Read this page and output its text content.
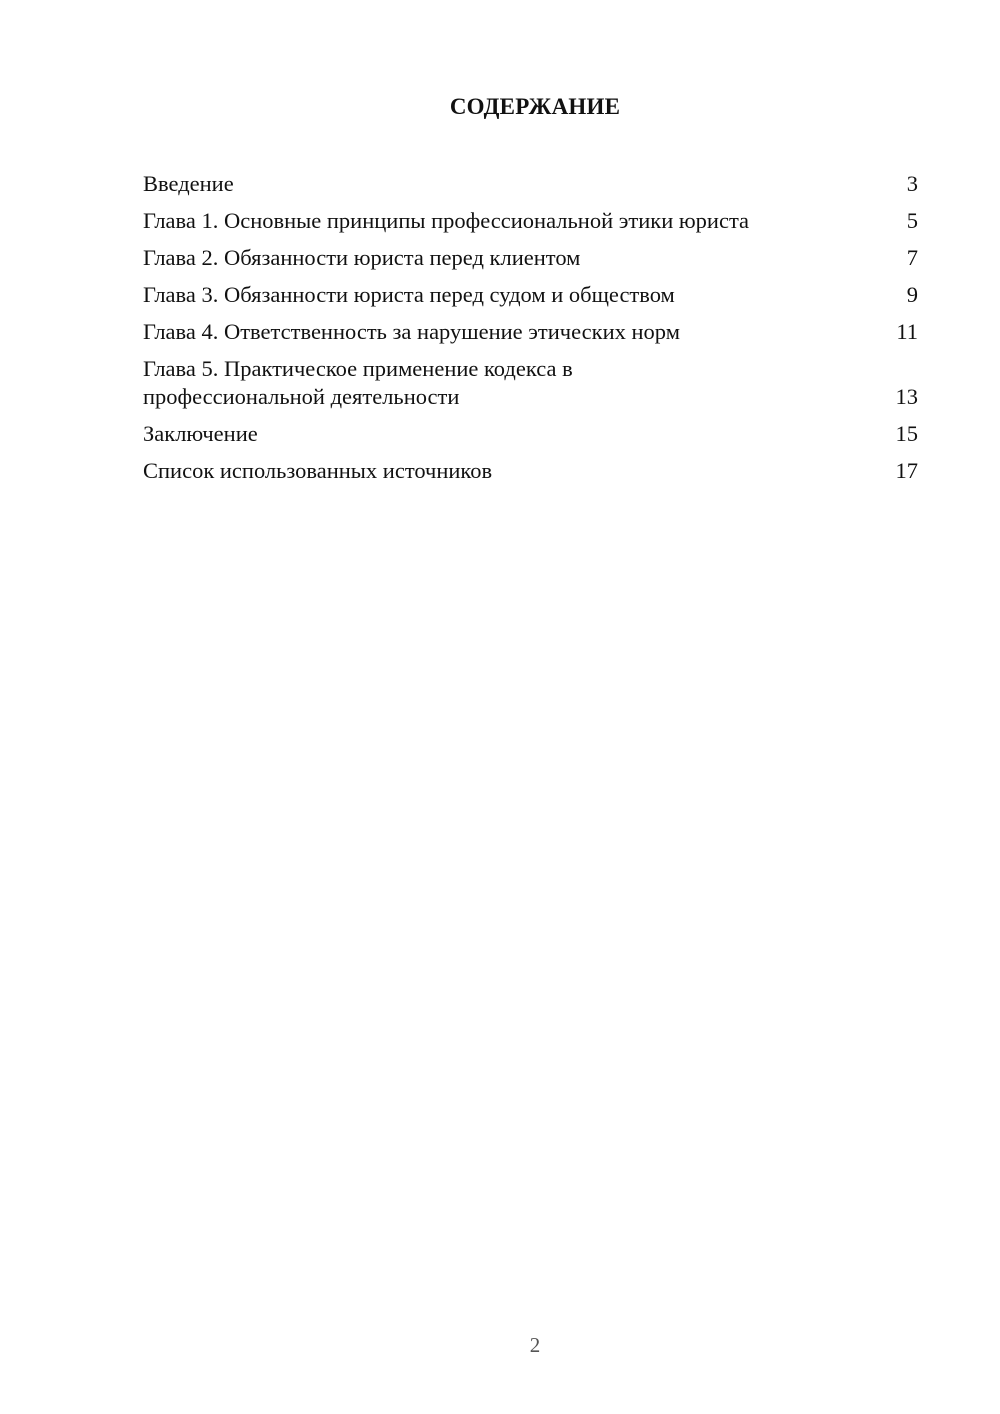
СОДЕРЖАНИЕ
Введение	3
Глава 1. Основные принципы профессиональной этики юриста	5
Глава 2. Обязанности юриста перед клиентом	7
Глава 3. Обязанности юриста перед судом и обществом	9
Глава 4. Ответственность за нарушение этических норм	11
Глава 5. Практическое применение кодекса в профессиональной деятельности	13
Заключение	15
Список использованных источников	17
2
